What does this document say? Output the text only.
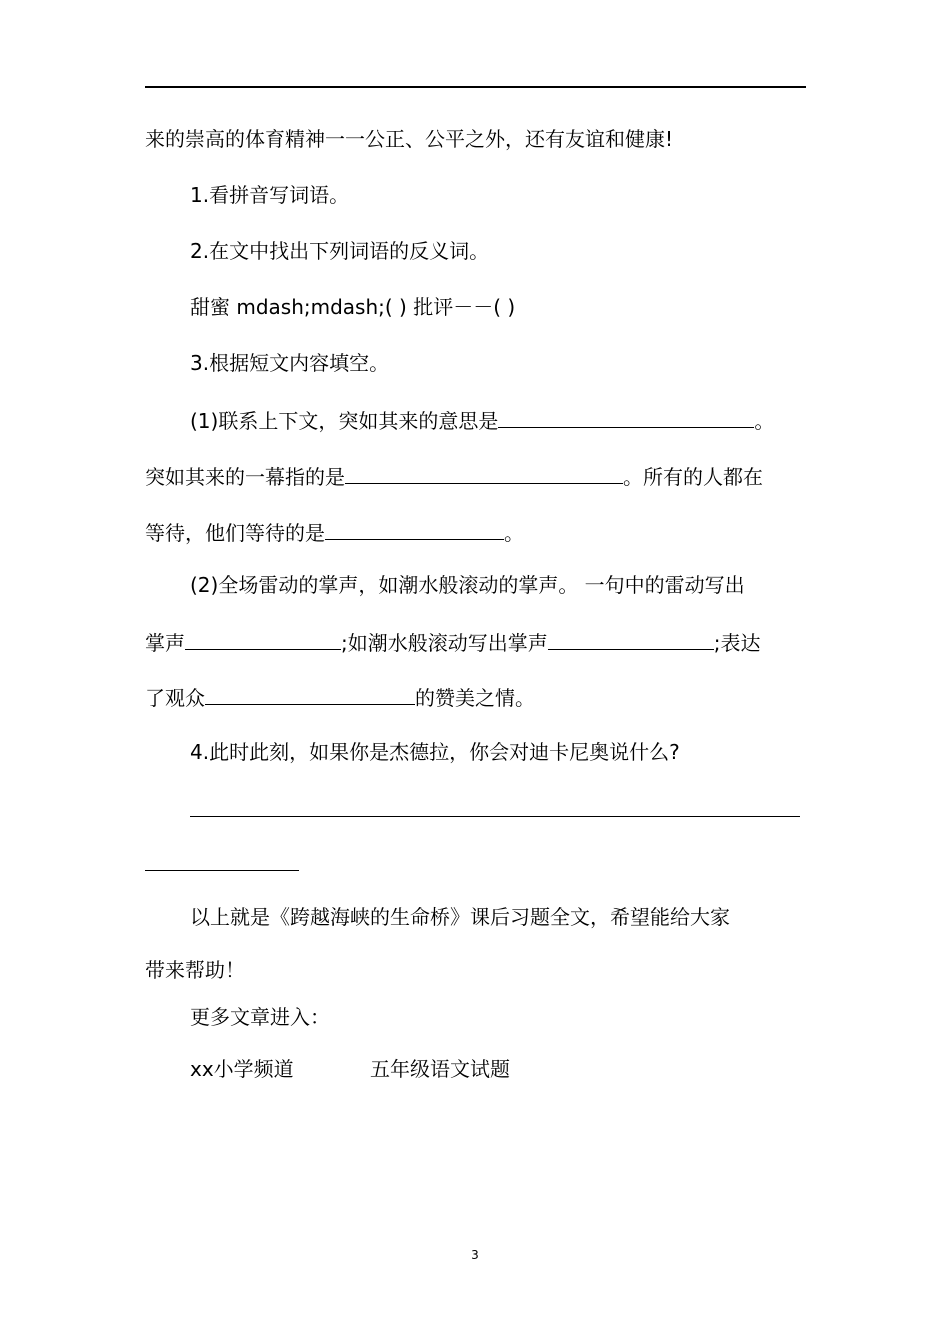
来的崇高的体育精神一一公正、公平之外，还有友谊和健康!
1.看拼音写词语。
2.在文中找出下列词语的反义词。
甜蜜 mdash;mdash;( ) 批评－－( )
3.根据短文内容填空。
(1)联系上下文，突如其来的意思是	。
突如其来的一幕指的是	。所有的人都在
等待，他们等待的是	。
(2)全场雷动的掌声，如潮水般滚动的掌声。 一句中的雷动写出
掌声	;如潮水般滚动写出掌声	;表达
了观众	的赞美之情。
4.此时此刻，如果你是杰德拉，你会对迪卡尼奥说什么?
以上就是《跨越海峡的生命桥》课后习题全文，希望能给大家
带来帮助！
更多文章进入：
xx小学频道	五年级语文试题
3
